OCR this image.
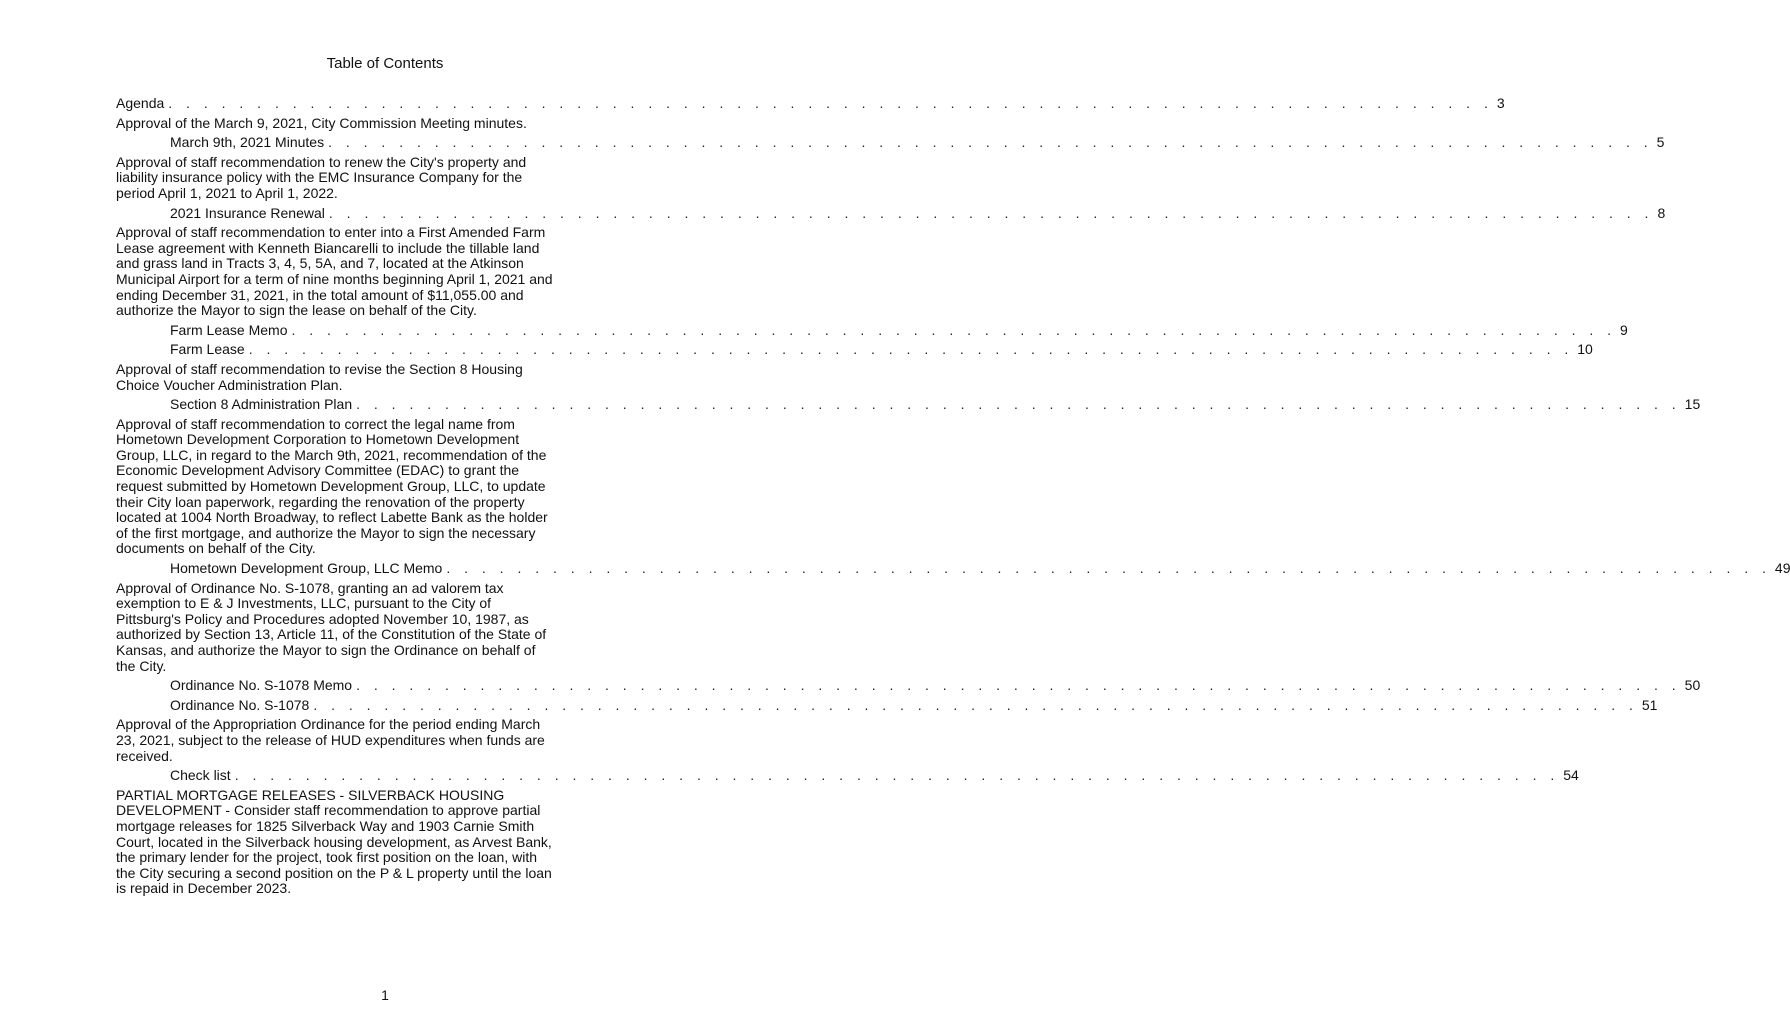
Table of Contents
Agenda . . . . . . . . . . . . . . . . . . . . . . . . . . . . . . . . . . . . . . . . . . . . . . . . . . . . . . . . . . . . . . . . . . . . . . . . . . . 3

Approval of the March 9, 2021, City Commission Meeting minutes.

March 9th, 2021 Minutes . . . . . . . . . . . . . . . . . . . . . . . . . . . . . . . . . . . . . . . . . . . . . . . . . . . . . . . . . . . . . . . . . . . . . . . . . . . 5

Approval of staff recommendation to renew the City's property and liability insurance policy with the EMC Insurance Company for the period April 1, 2021 to April 1, 2022.

2021 Insurance Renewal . . . . . . . . . . . . . . . . . . . . . . . . . . . . . . . . . . . . . . . . . . . . . . . . . . . . . . . . . . . . . . . . . . . . . . . . . . . 8

Approval of staff recommendation to enter into a First Amended Farm Lease agreement with Kenneth Biancarelli to include the tillable land and grass land in Tracts 3, 4, 5, 5A, and 7, located at the Atkinson Municipal Airport for a term of nine months beginning April 1, 2021 and ending December 31, 2021, in the total amount of $11,055.00 and authorize the Mayor to sign the lease on behalf of the City.

Farm Lease Memo . . . . . . . . . . . . . . . . . . . . . . . . . . . . . . . . . . . . . . . . . . . . . . . . . . . . . . . . . . . . . . . . . . . . . . . . . . . 9
Farm Lease . . . . . . . . . . . . . . . . . . . . . . . . . . . . . . . . . . . . . . . . . . . . . . . . . . . . . . . . . . . . . . . . . . . . . . . . . . . 10

Approval of staff recommendation to revise the Section 8 Housing Choice Voucher Administration Plan.

Section 8 Administration Plan . . . . . . . . . . . . . . . . . . . . . . . . . . . . . . . . . . . . . . . . . . . . . . . . . . . . . . . . . . . . . . . . . . . . . . . . . . . 15

Approval of staff recommendation to correct the legal name from Hometown Development Corporation to Hometown Development Group, LLC, in regard to the March 9th, 2021, recommendation of the Economic Development Advisory Committee (EDAC) to grant the request submitted by Hometown Development Group, LLC, to update their City loan paperwork, regarding the renovation of the property located at 1004 North Broadway, to reflect Labette Bank as the holder of the first mortgage, and authorize the Mayor to sign the necessary documents on behalf of the City.

Hometown Development Group, LLC Memo . . . . . . . . . . . . . . . . . . . . . . . . . . . . . . . . . . . . . . . . . . . . . . . . . . . . . . . . . . . . . . . . . . . . . . . . . . . 49

Approval of Ordinance No. S-1078, granting an ad valorem tax exemption to E & J Investments, LLC, pursuant to the City of Pittsburg's Policy and Procedures adopted November 10, 1987, as authorized by Section 13, Article 11, of the Constitution of the State of Kansas, and authorize the Mayor to sign the Ordinance on behalf of the City.

Ordinance No. S-1078 Memo . . . . . . . . . . . . . . . . . . . . . . . . . . . . . . . . . . . . . . . . . . . . . . . . . . . . . . . . . . . . . . . . . . . . . . . . . . . 50
Ordinance No. S-1078 . . . . . . . . . . . . . . . . . . . . . . . . . . . . . . . . . . . . . . . . . . . . . . . . . . . . . . . . . . . . . . . . . . . . . . . . . . . 51

Approval of the Appropriation Ordinance for the period ending March 23, 2021, subject to the release of HUD expenditures when funds are received.

Check list . . . . . . . . . . . . . . . . . . . . . . . . . . . . . . . . . . . . . . . . . . . . . . . . . . . . . . . . . . . . . . . . . . . . . . . . . . . 54

PARTIAL MORTGAGE RELEASES - SILVERBACK HOUSING DEVELOPMENT - Consider staff recommendation to approve partial mortgage releases for 1825 Silverback Way and 1903 Carnie Smith Court, located in the Silverback housing development, as Arvest Bank, the primary lender for the project, took first position on the loan, with the City securing a second position on the P & L property until the loan is repaid in December 2023.

1
